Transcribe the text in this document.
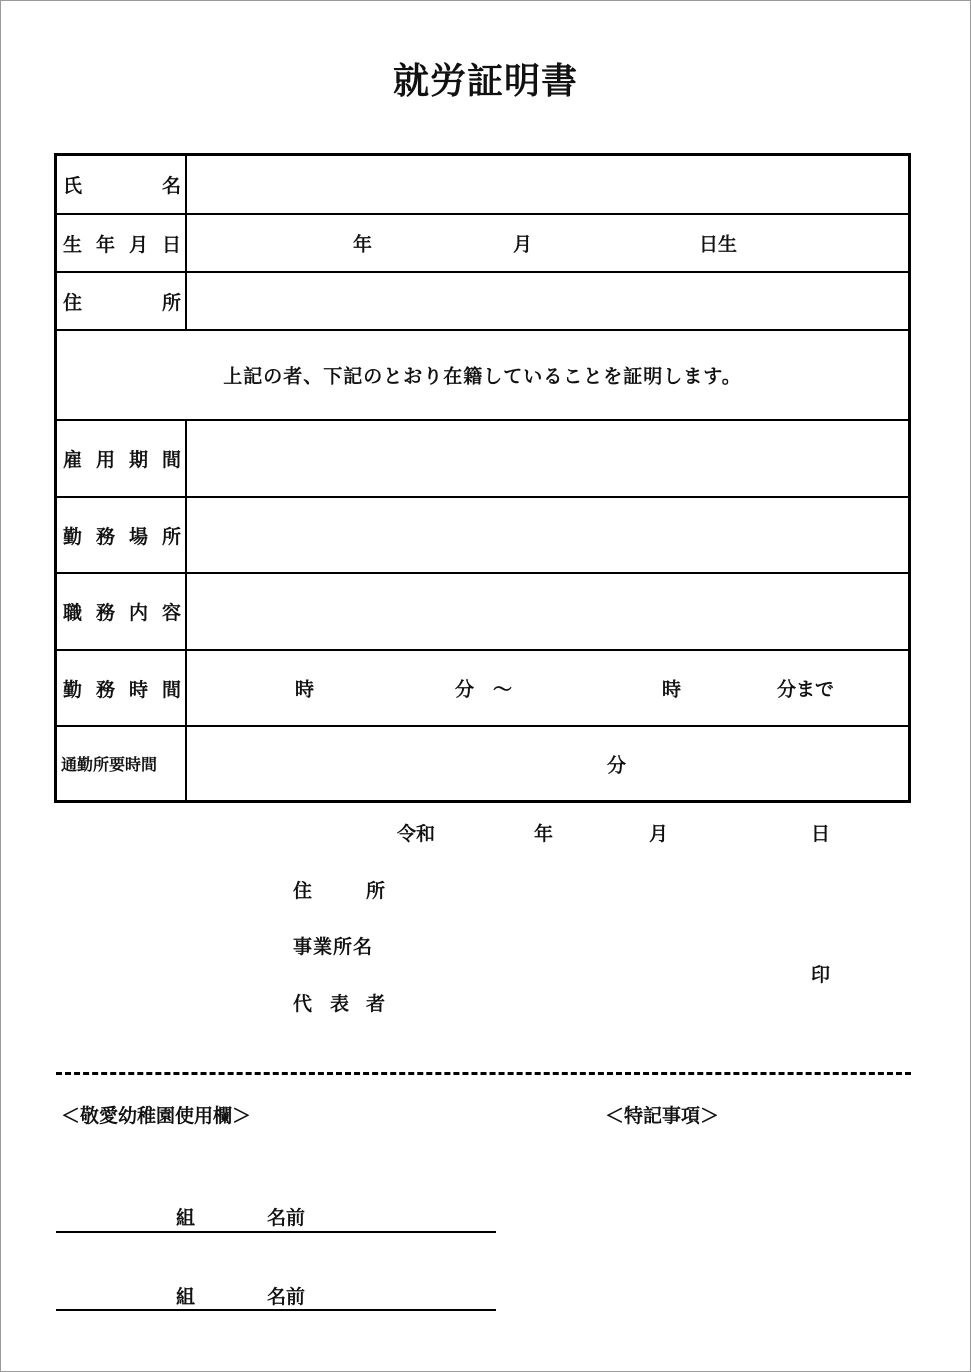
就労証明書
氏	名
生 年 月 日	年	月	日生
住	所
上記の者、下記のとおり在籍していることを証明します。
雇 用 期 間
勤 務 場 所
職 務 内 容
勤 務 時 間	時	分　～	時	分まで
通勤所要時間	分
令和	年	月	日
住	所
事業所名
代 表 者
印
＜敬愛幼稚園使用欄＞	＜特記事項＞
組	名前
組	名前
